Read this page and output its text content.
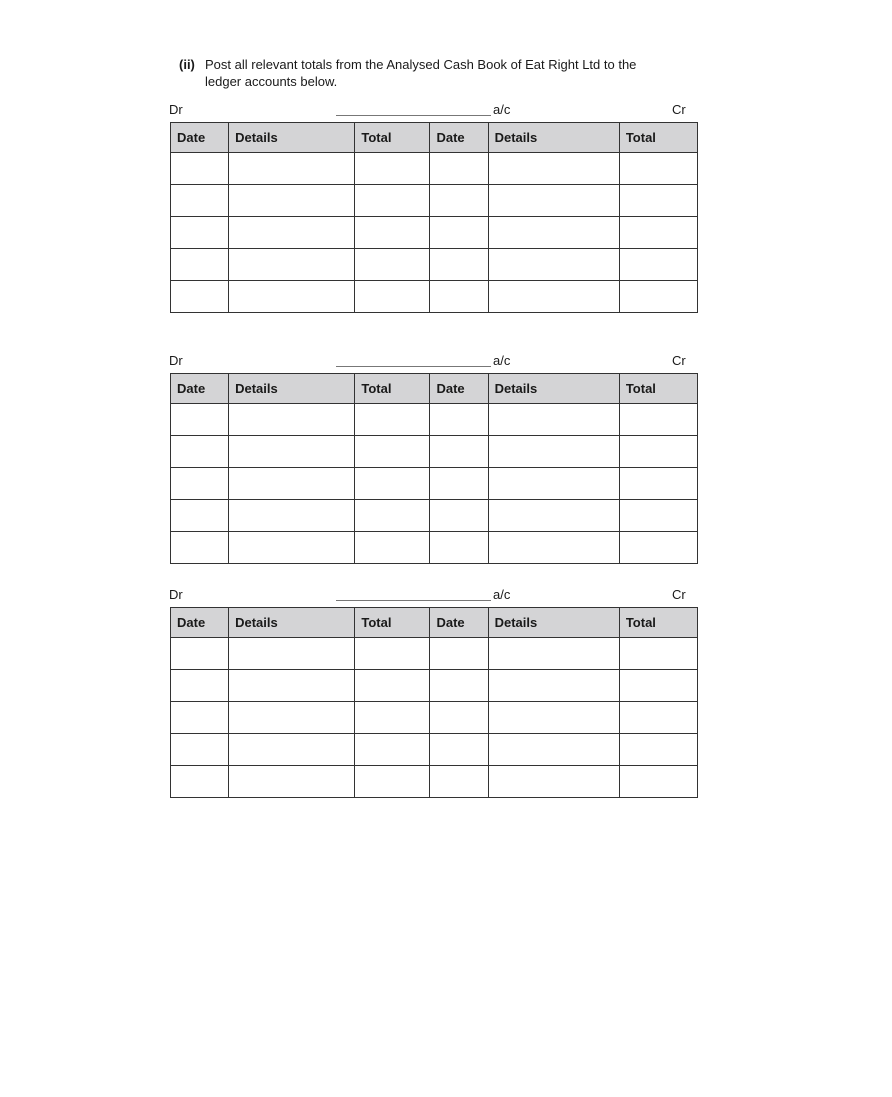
(ii) Post all relevant totals from the Analysed Cash Book of Eat Right Ltd to the
ledger accounts below.
Dr	a/c	Cr
Date	Details	Total	Date	Details	Total

Dr	a/c	Cr
Date	Details	Total	Date	Details	Total

Dr	a/c	Cr
Date	Details	Total	Date	Details	Total
